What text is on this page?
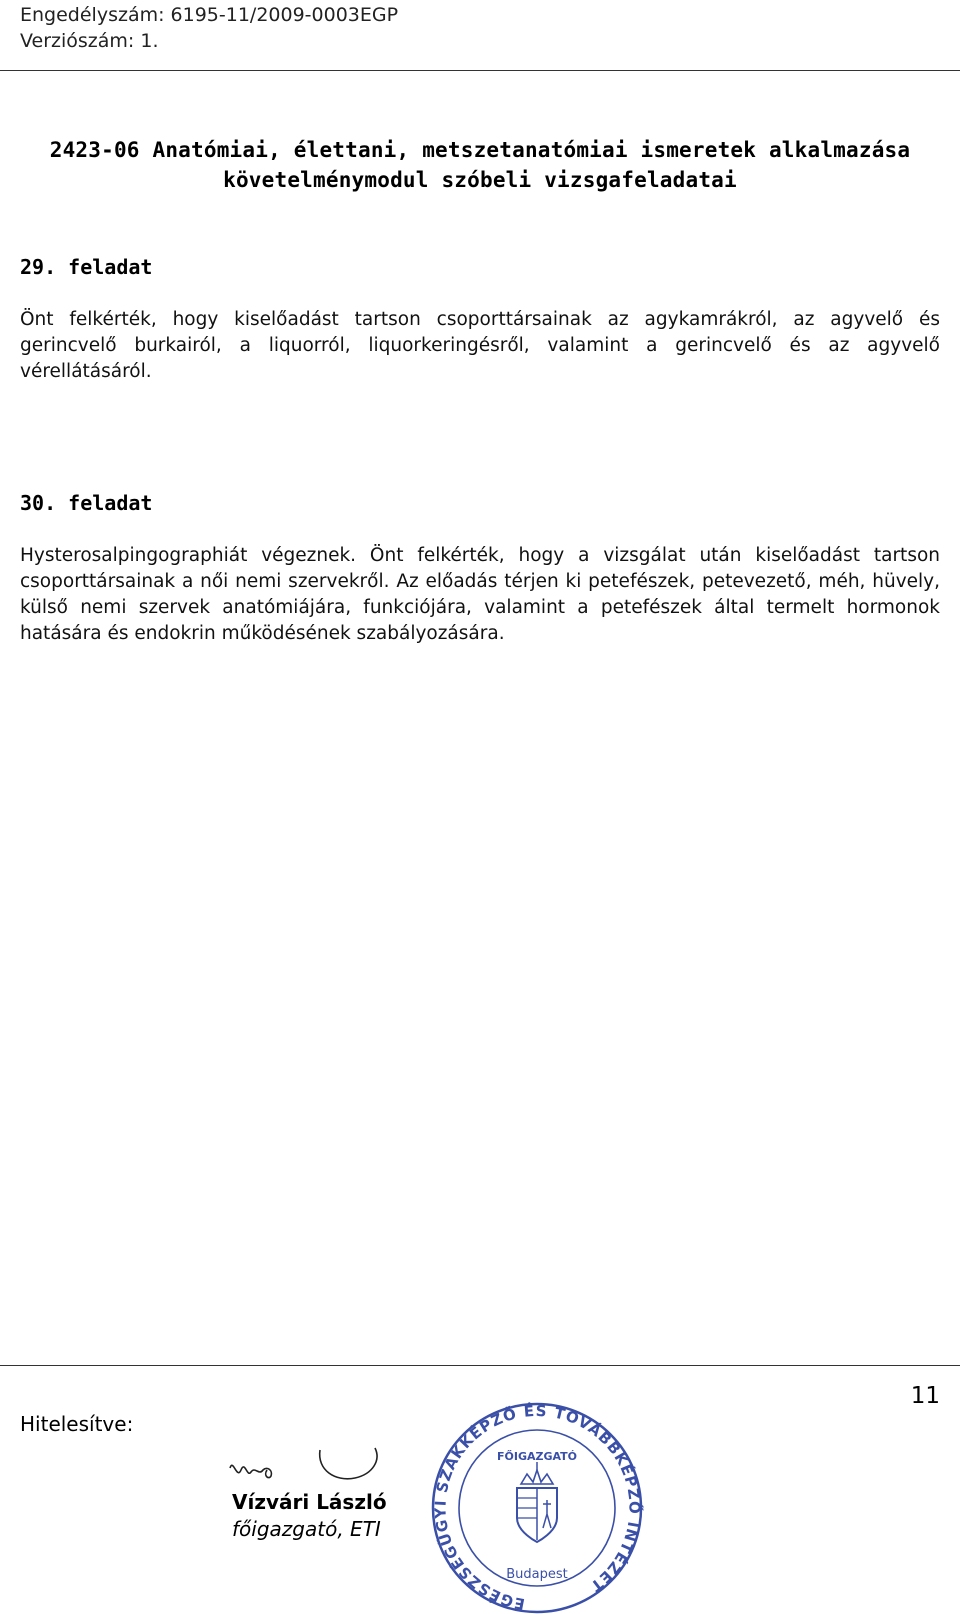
Engedélyszám: 6195-11/2009-0003EGP
Verziószám: 1.
2423-06 Anatómiai, élettani, metszetanatómiai ismeretek alkalmazása
követelménymodul szóbeli vizsgafeladatai
29. feladat
Önt felkérték, hogy kiselőadást tartson csoporttársainak az agykamrákról, az agyvelő és gerincvelő burkairól, a liquorról, liquorkeringésről, valamint a gerincvelő és az agyvelő vérellátásáról.
30. feladat
Hysterosalpingographiát végeznek. Önt felkérték, hogy a vizsgálat után kiselőadást tartson csoporttársainak a női nemi szervekről. Az előadás térjen ki petefészek, petevezető, méh, hüvely, külső nemi szervek anatómiájára, funkciójára, valamint a petefészek által termelt hormonok hatására és endokrin működésének szabályozására.
11
Hitelesítve:
Vízvári László
főigazgató, ETI
EGÉSZSÉGÜGYI SZAKKÉPZŐ ÉS TOVÁBBKÉPZŐ INTÉZET
FŐIGAZGATÓ
Budapest
